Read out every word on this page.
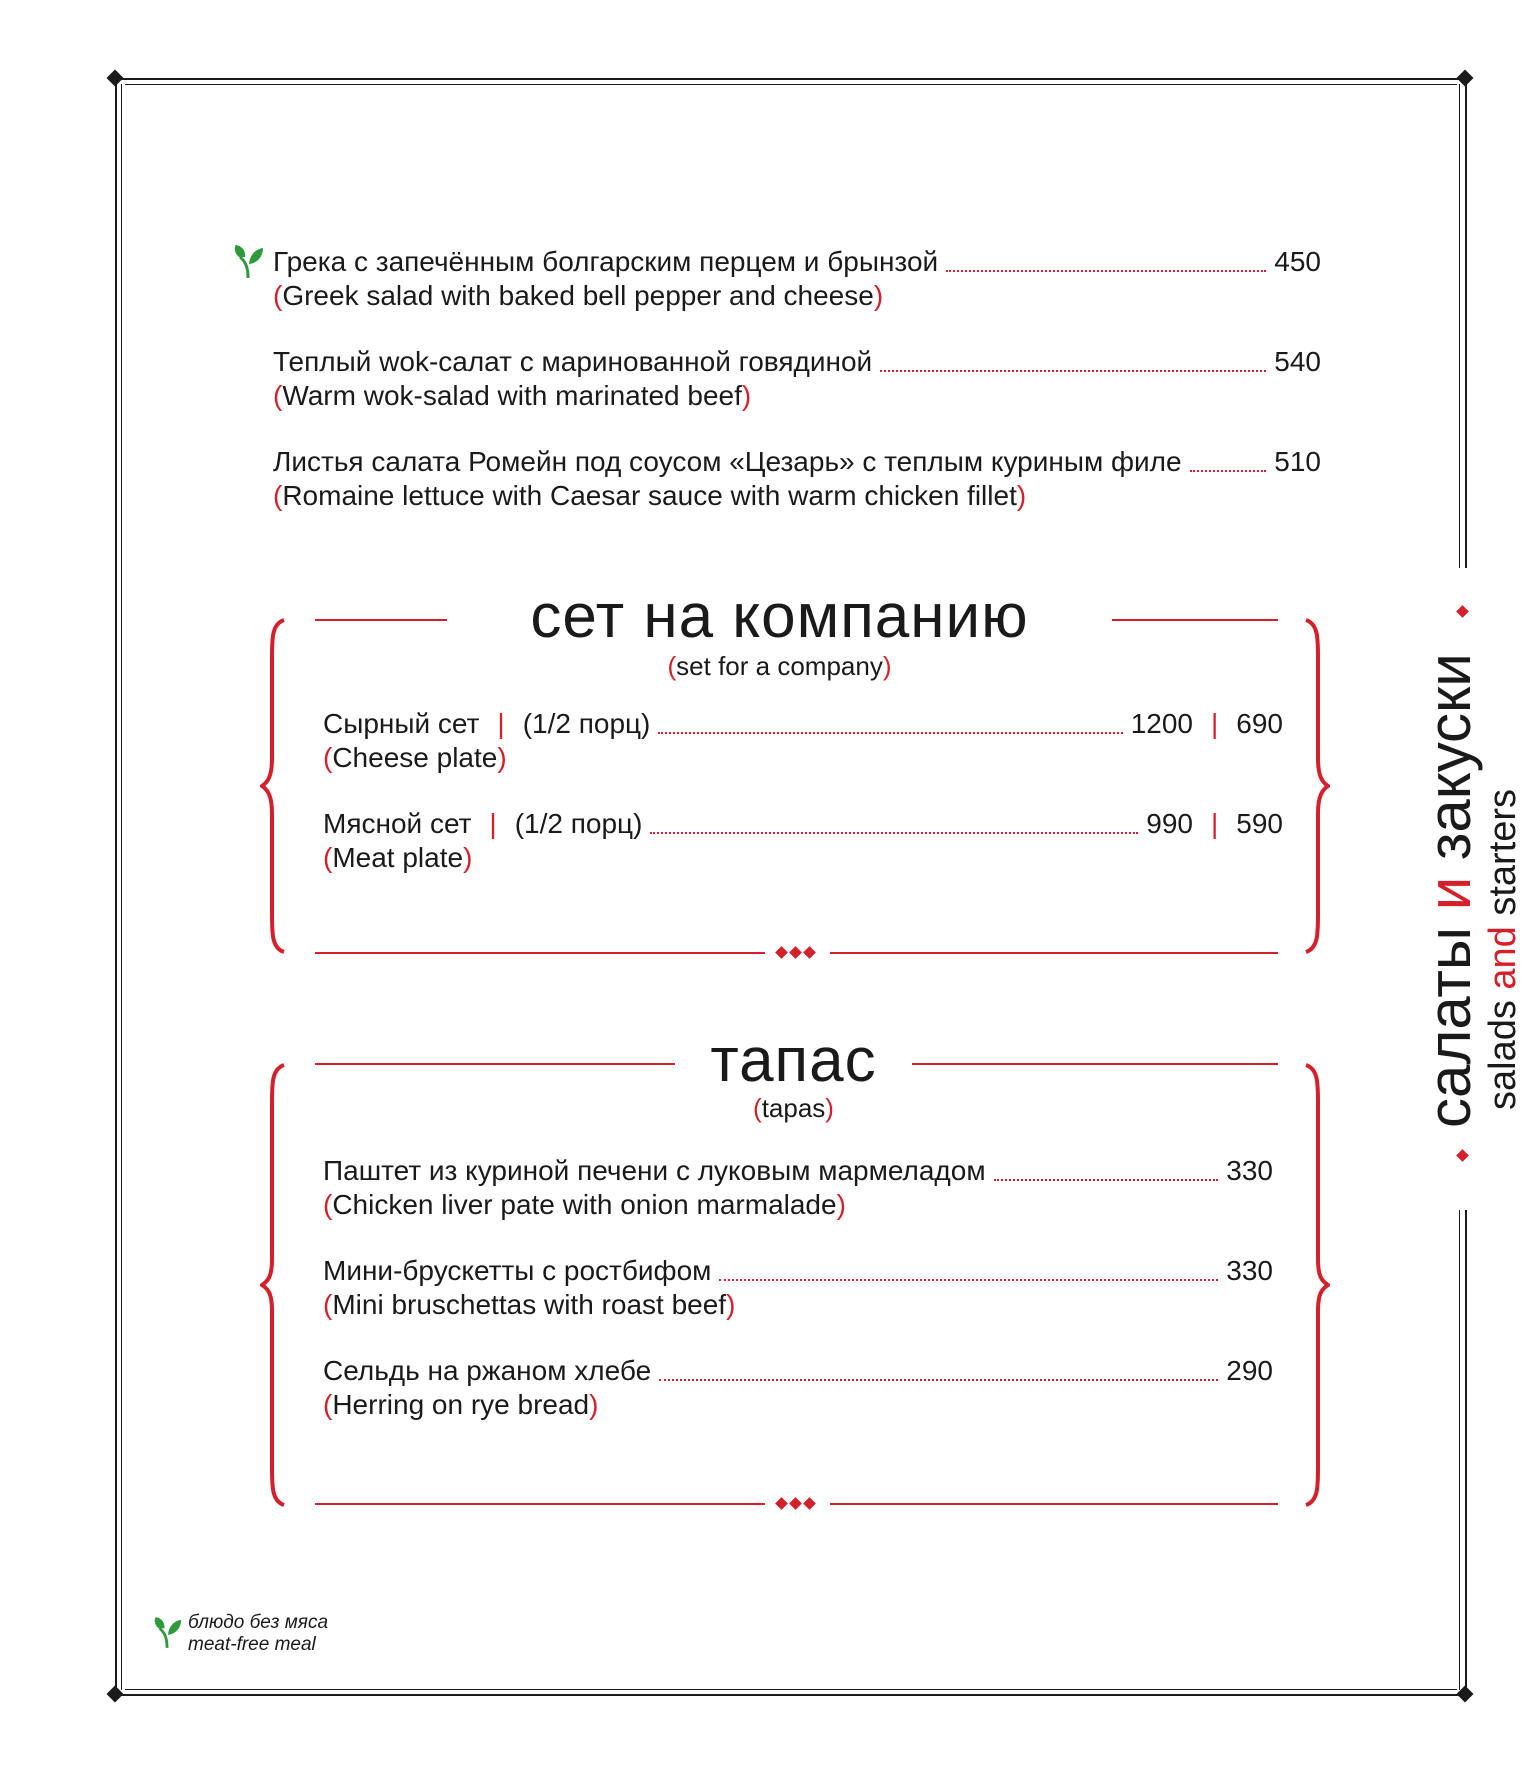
Грека с запечённым болгарским перцем и брынзой	450
(Greek salad with baked bell pepper and cheese)
Теплый wok-салат с маринованной говядиной	540
(Warm wok-salad with marinated beef)
Листья салата Ромейн под соусом «Цезарь» с теплым куриным филе	510
(Romaine lettuce with Caesar sauce with warm chicken fillet)
сет на компанию
(set for a company)
Сырный сет | (1/2 порц)	1200 | 690
(Cheese plate)
Мясной сет | (1/2 порц)	990 | 590
(Meat plate)
тапас
(tapas)
Паштет из куриной печени с луковым мармеладом	330
(Chicken liver pate with onion marmalade)
Мини-брускетты с ростбифом	330
(Mini bruschettas with roast beef)
Сельдь на ржаном хлебе	290
(Herring on rye bread)
салаты и закуски
salads and starters
блюдо без мяса
meat-free meal
